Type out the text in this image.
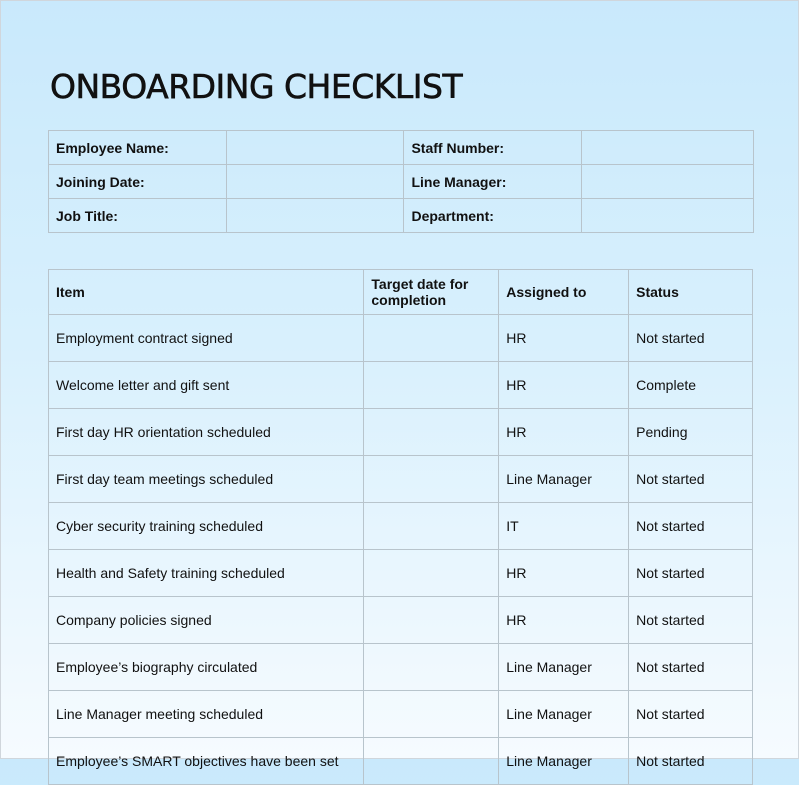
ONBOARDING CHECKLIST
Employee Name:		Staff Number:	
Joining Date:		Line Manager:	
Job Title:		Department:	
Item	Target date for completion	Assigned to	Status
Employment contract signed		HR	Not started
Welcome letter and gift sent		HR	Complete
First day HR orientation scheduled		HR	Pending
First day team meetings scheduled		Line Manager	Not started
Cyber security training scheduled		IT	Not started
Health and Safety training scheduled		HR	Not started
Company policies signed		HR	Not started
Employee’s biography circulated		Line Manager	Not started
Line Manager meeting scheduled		Line Manager	Not started
Employee’s SMART objectives have been set		Line Manager	Not started
